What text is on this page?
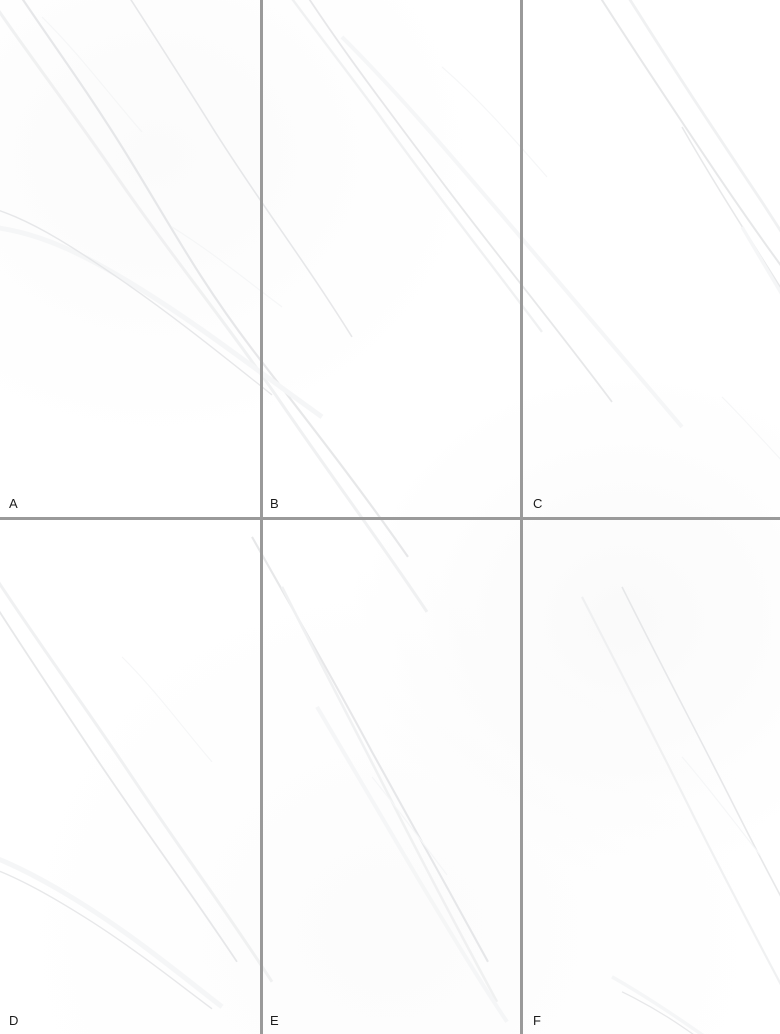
A	B	C
D	E	F
